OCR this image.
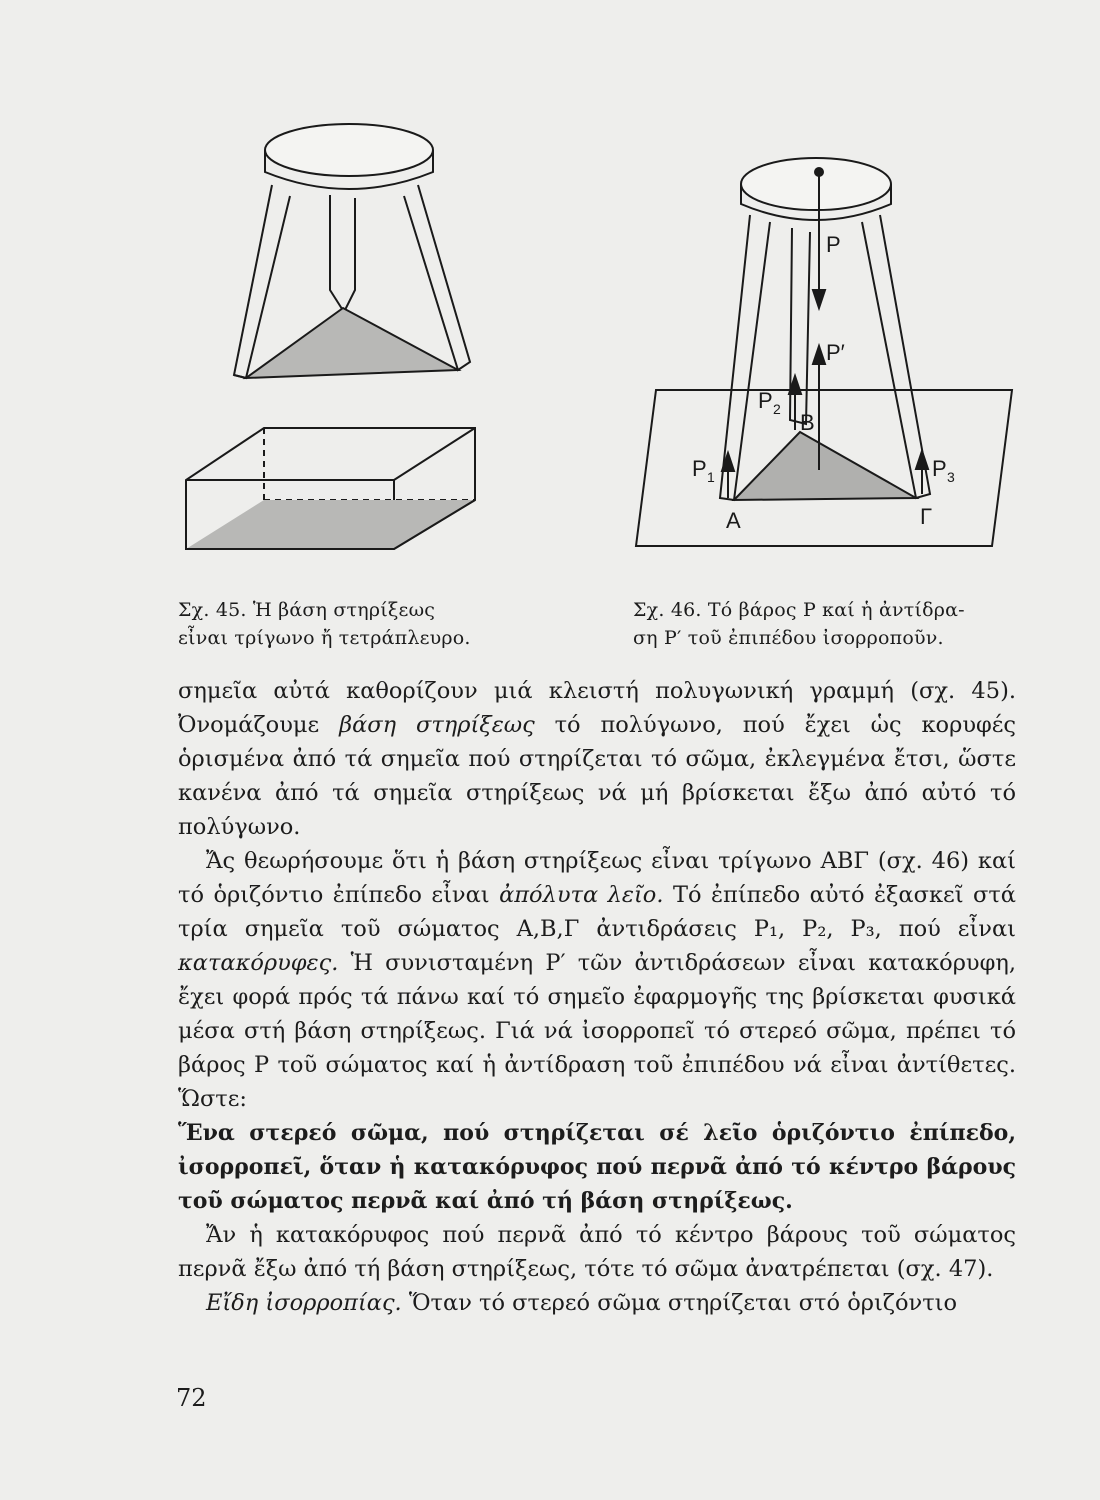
P
P′
P 2
B
P 1	P 3
A	Γ
Σχ. 45. Ἡ βάση στηρίξεως
εἶναι τρίγωνο ἤ τετράπλευρο.
Σχ. 46. Τό βάρος P καί ἡ ἀντίδρα-
ση P′ τοῦ ἐπιπέδου ἰσορροποῦν.

σημεῖα αὐτά καθορίζουν μιά κλειστή πολυγωνική γραμμή (σχ. 45). Ὀνομάζουμε βάση στηρίξεως τό πολύγωνο, πού ἔχει ὡς κορυφές ὁρισμένα ἀπό τά σημεῖα πού στηρίζεται τό σῶμα, ἐκλεγμένα ἔτσι, ὥστε κανένα ἀπό τά σημεῖα στηρίξεως νά μή βρίσκεται ἔξω ἀπό αὐτό τό πολύγωνο.

Ἄς θεωρήσουμε ὅτι ἡ βάση στηρίξεως εἶναι τρίγωνο ΑΒΓ (σχ. 46) καί τό ὁριζόντιο ἐπίπεδο εἶναι ἀπόλυτα λεῖο. Τό ἐπίπεδο αὐτό ἐξασκεῖ στά τρία σημεῖα τοῦ σώματος Α,Β,Γ ἀντιδράσεις P₁, P₂, P₃, πού εἶναι κατακόρυφες. Ἡ συνισταμένη P′ τῶν ἀντιδράσεων εἶναι κατακόρυφη, ἔχει φορά πρός τά πάνω καί τό σημεῖο ἐφαρμογῆς της βρίσκεται φυσικά μέσα στή βάση στηρίξεως. Γιά νά ἰσορροπεῖ τό στερεό σῶμα, πρέπει τό βάρος P τοῦ σώματος καί ἡ ἀντίδραση τοῦ ἐπιπέδου νά εἶναι ἀντίθετες. Ὥστε:

Ἕνα στερεό σῶμα, πού στηρίζεται σέ λεῖο ὁριζόντιο ἐπίπεδο, ἰσορροπεῖ, ὅταν ἡ κατακόρυφος πού περνᾶ ἀπό τό κέντρο βάρους τοῦ σώματος περνᾶ καί ἀπό τή βάση στηρίξεως.

Ἄν ἡ κατακόρυφος πού περνᾶ ἀπό τό κέντρο βάρους τοῦ σώματος περνᾶ ἔξω ἀπό τή βάση στηρίξεως, τότε τό σῶμα ἀνατρέπεται (σχ. 47).

Εἴδη ἰσορροπίας. Ὅταν τό στερεό σῶμα στηρίζεται στό ὁριζόντιο

72
